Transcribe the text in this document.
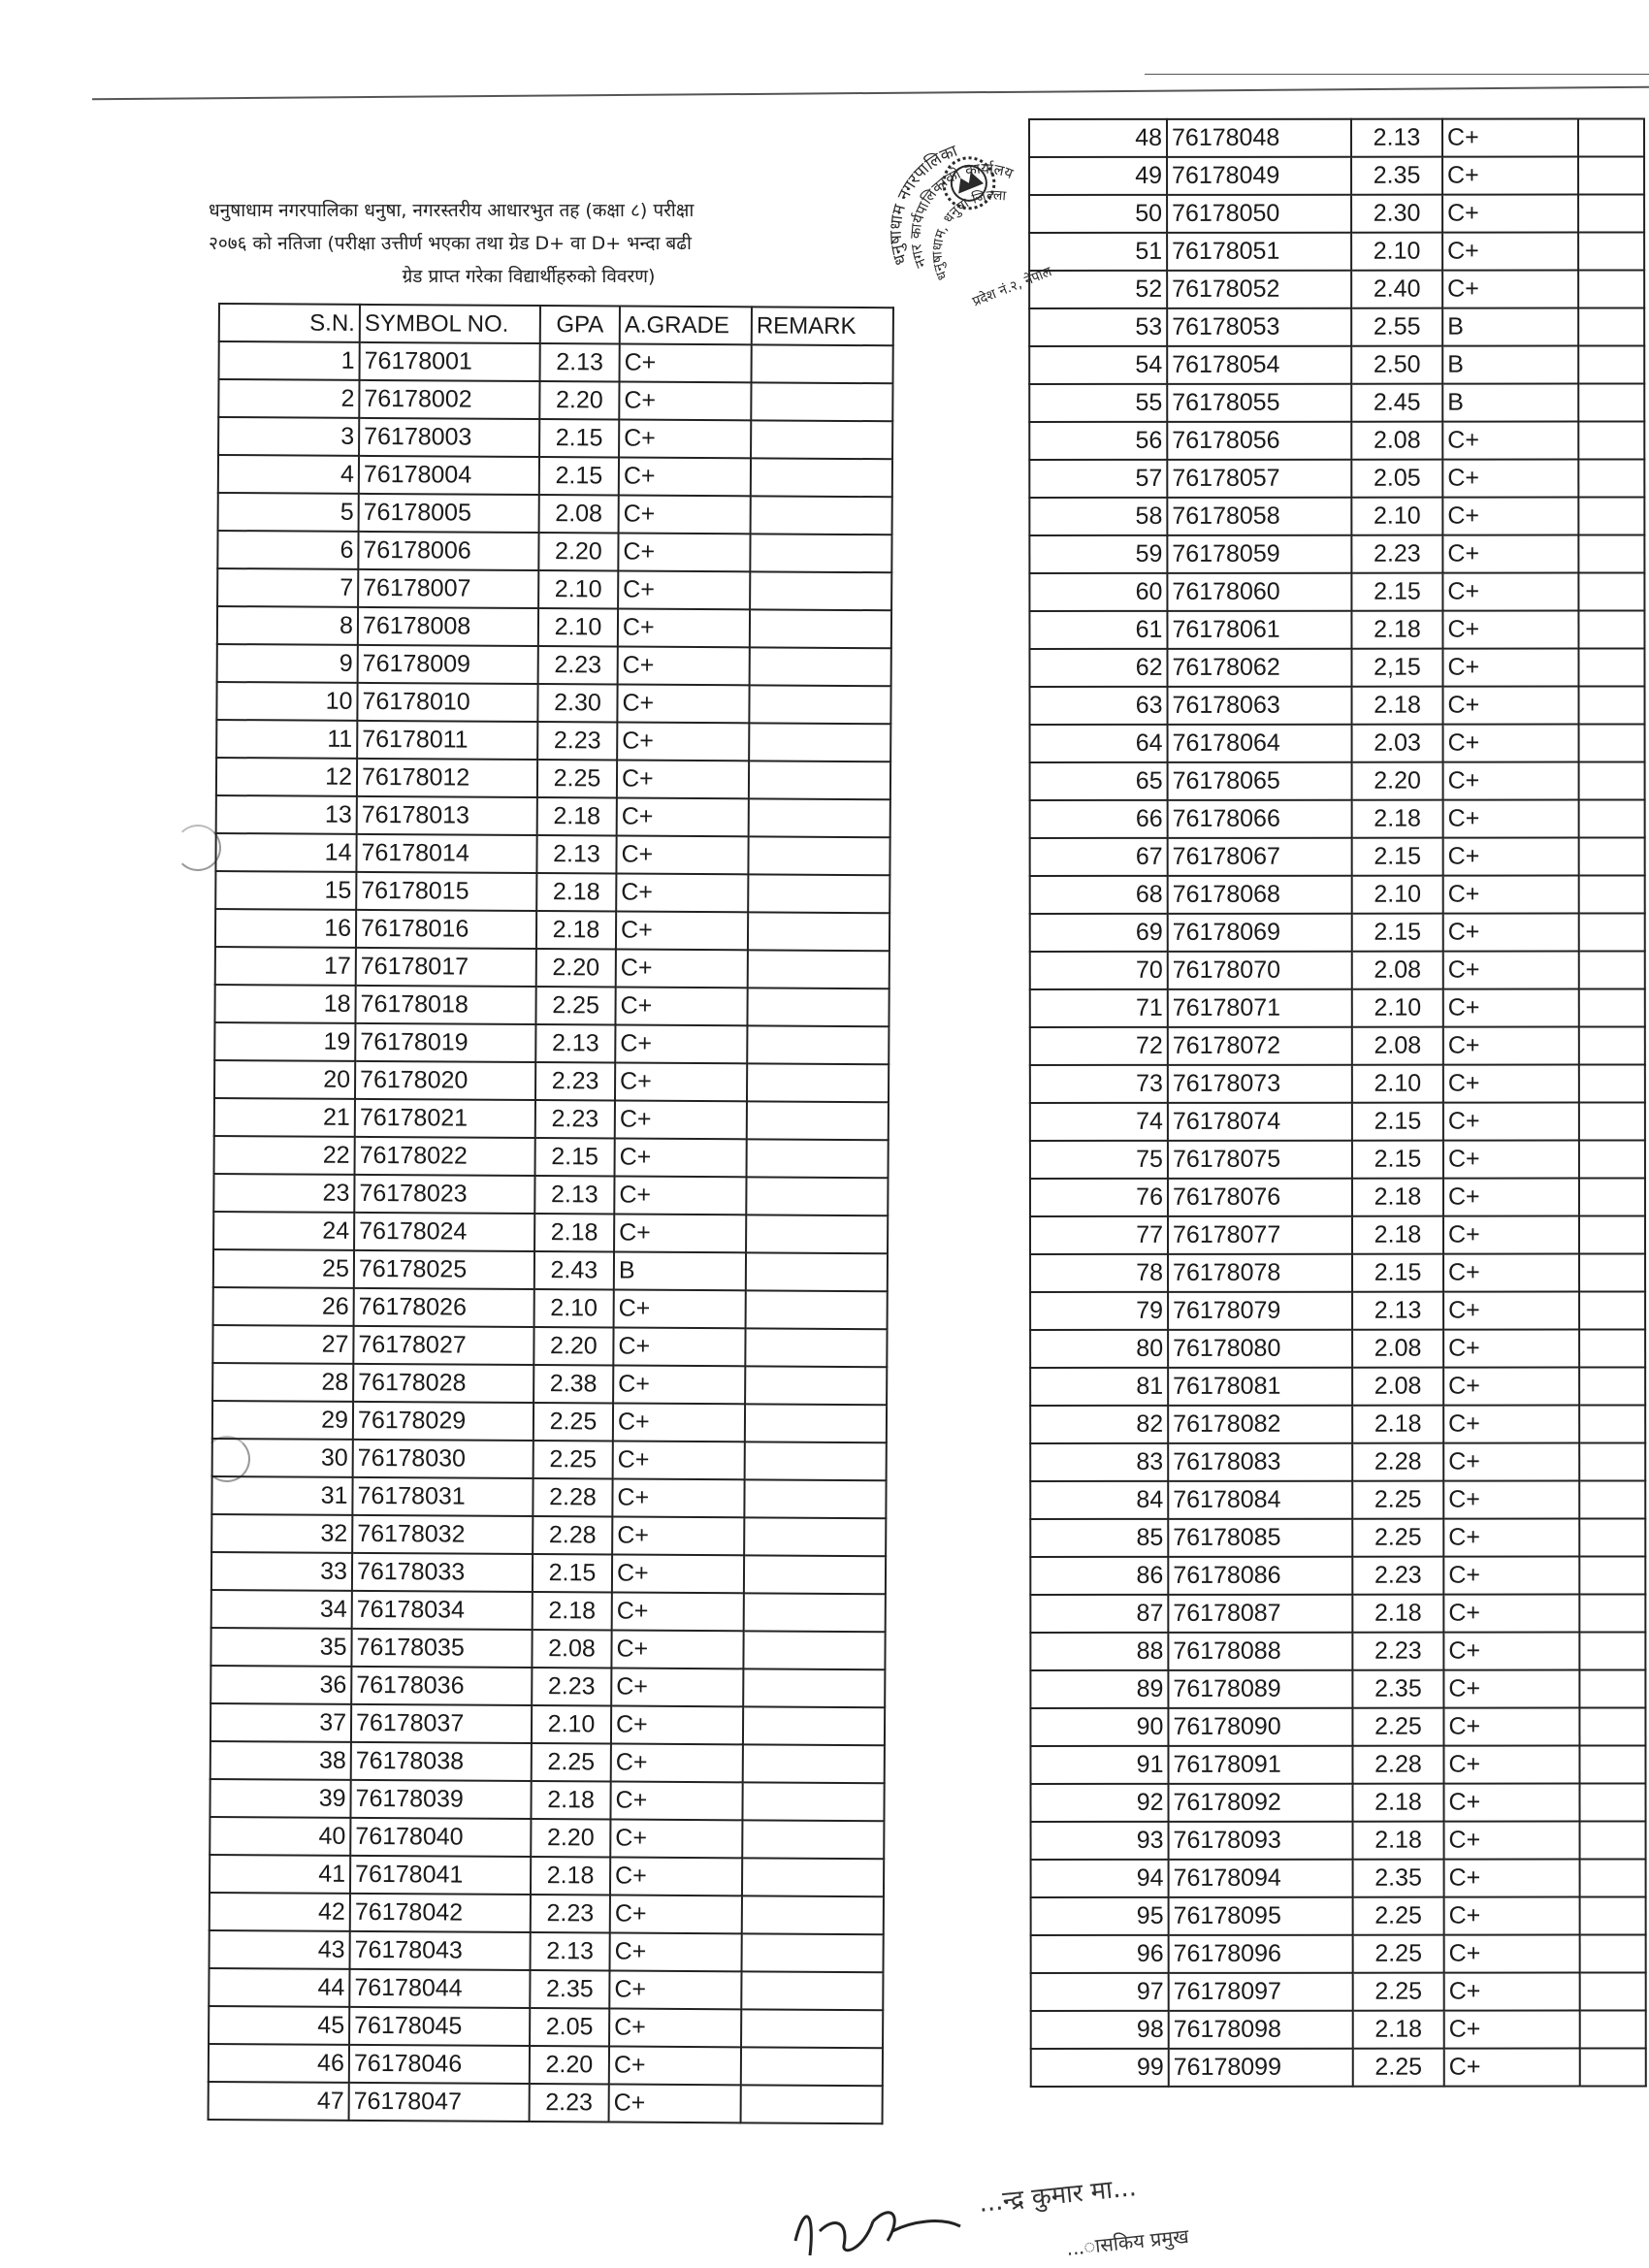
धनुषाधाम नगरपालिका धनुषा, नगरस्तरीय आधारभुत तह (कक्षा ८) परीक्षा
२०७६ को नतिजा (परीक्षा उत्तीर्ण भएका तथा ग्रेड D+ वा D+ भन्दा बढी
ग्रेड प्राप्त गरेका विद्यार्थीहरुको विवरण)
धनुषाधाम नगरपालिका
नगर कार्यपालिकाको कार्यालय
धनुषाधाम, धनुषा जिल्ला
प्रदेश नं.२, नेपाल
S.N.	SYMBOL NO.	GPA	A.GRADE	REMARK
1	76178001	2.13	C+	
2	76178002	2.20	C+	
3	76178003	2.15	C+	
4	76178004	2.15	C+	
5	76178005	2.08	C+	
6	76178006	2.20	C+	
7	76178007	2.10	C+	
8	76178008	2.10	C+	
9	76178009	2.23	C+	
10	76178010	2.30	C+	
11	76178011	2.23	C+	
12	76178012	2.25	C+	
13	76178013	2.18	C+	
14	76178014	2.13	C+	
15	76178015	2.18	C+	
16	76178016	2.18	C+	
17	76178017	2.20	C+	
18	76178018	2.25	C+	
19	76178019	2.13	C+	
20	76178020	2.23	C+	
21	76178021	2.23	C+	
22	76178022	2.15	C+	
23	76178023	2.13	C+	
24	76178024	2.18	C+	
25	76178025	2.43	B	
26	76178026	2.10	C+	
27	76178027	2.20	C+	
28	76178028	2.38	C+	
29	76178029	2.25	C+	
30	76178030	2.25	C+	
31	76178031	2.28	C+	
32	76178032	2.28	C+	
33	76178033	2.15	C+	
34	76178034	2.18	C+	
35	76178035	2.08	C+	
36	76178036	2.23	C+	
37	76178037	2.10	C+	
38	76178038	2.25	C+	
39	76178039	2.18	C+	
40	76178040	2.20	C+	
41	76178041	2.18	C+	
42	76178042	2.23	C+	
43	76178043	2.13	C+	
44	76178044	2.35	C+	
45	76178045	2.05	C+	
46	76178046	2.20	C+	
47	76178047	2.23	C+	
48	76178048	2.13	C+	
49	76178049	2.35	C+	
50	76178050	2.30	C+	
51	76178051	2.10	C+	
52	76178052	2.40	C+	
53	76178053	2.55	B	
54	76178054	2.50	B	
55	76178055	2.45	B	
56	76178056	2.08	C+	
57	76178057	2.05	C+	
58	76178058	2.10	C+	
59	76178059	2.23	C+	
60	76178060	2.15	C+	
61	76178061	2.18	C+	
62	76178062	2,15	C+	
63	76178063	2.18	C+	
64	76178064	2.03	C+	
65	76178065	2.20	C+	
66	76178066	2.18	C+	
67	76178067	2.15	C+	
68	76178068	2.10	C+	
69	76178069	2.15	C+	
70	76178070	2.08	C+	
71	76178071	2.10	C+	
72	76178072	2.08	C+	
73	76178073	2.10	C+	
74	76178074	2.15	C+	
75	76178075	2.15	C+	
76	76178076	2.18	C+	
77	76178077	2.18	C+	
78	76178078	2.15	C+	
79	76178079	2.13	C+	
80	76178080	2.08	C+	
81	76178081	2.08	C+	
82	76178082	2.18	C+	
83	76178083	2.28	C+	
84	76178084	2.25	C+	
85	76178085	2.25	C+	
86	76178086	2.23	C+	
87	76178087	2.18	C+	
88	76178088	2.23	C+	
89	76178089	2.35	C+	
90	76178090	2.25	C+	
91	76178091	2.28	C+	
92	76178092	2.18	C+	
93	76178093	2.18	C+	
94	76178094	2.35	C+	
95	76178095	2.25	C+	
96	76178096	2.25	C+	
97	76178097	2.25	C+	
98	76178098	2.18	C+	
99	76178099	2.25	C+	
...न्द्र कुमार मा...
...ासकिय प्रमुख
